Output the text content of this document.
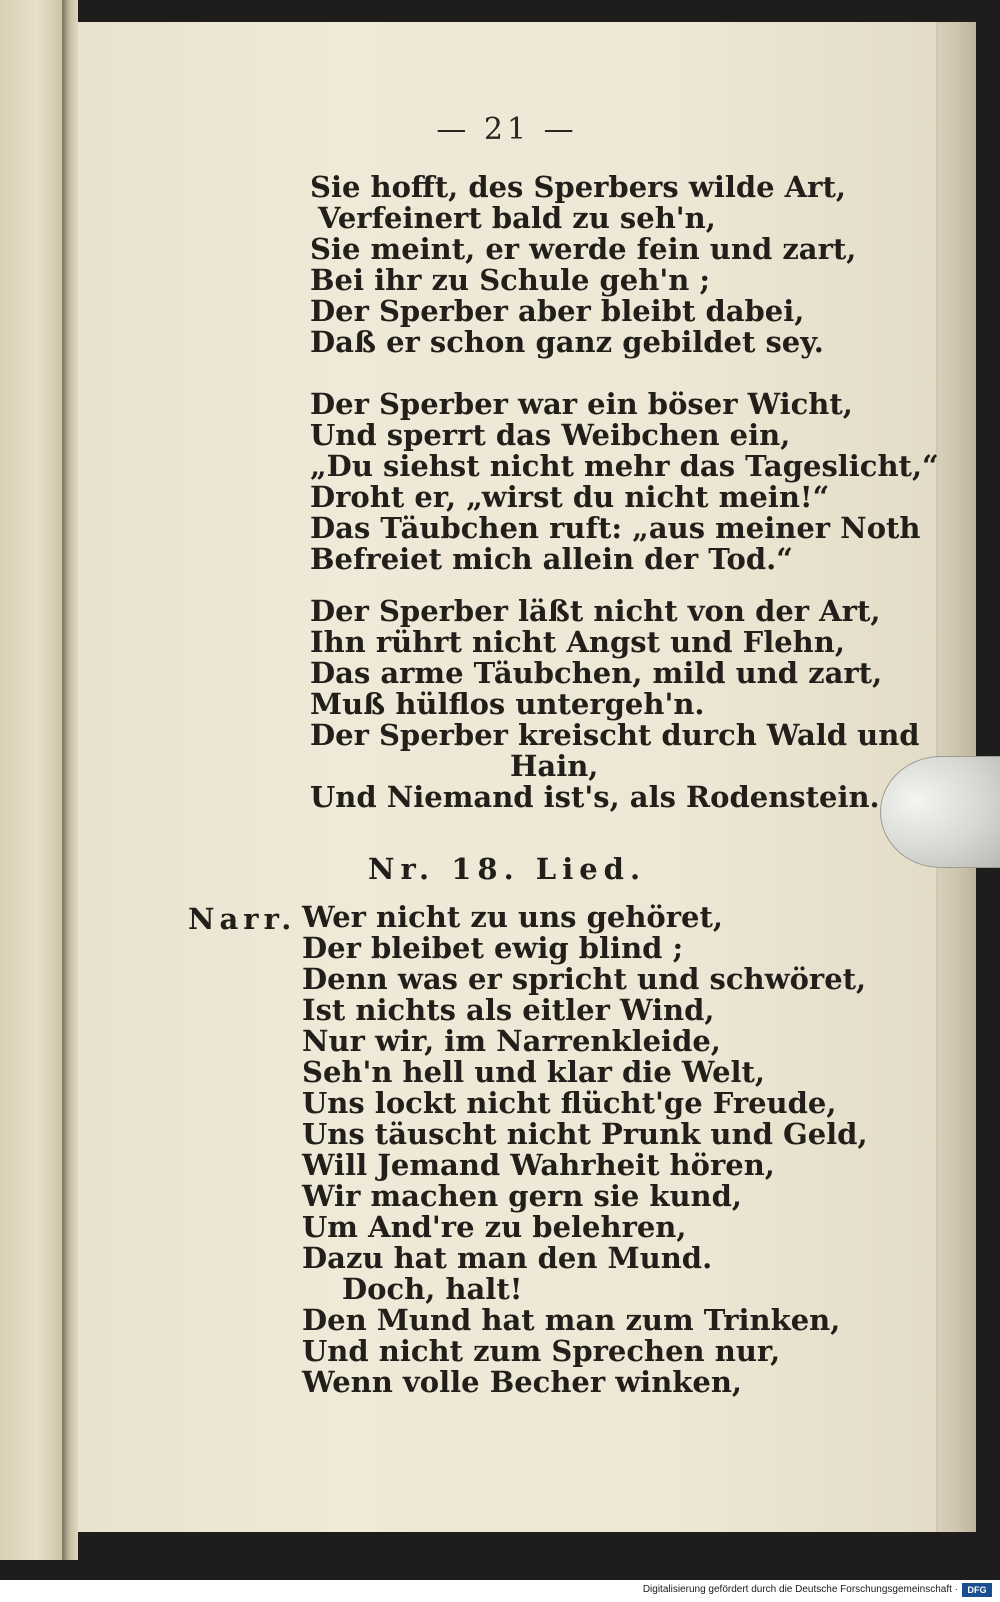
— 21 —
Sie hofft, des Sperbers wilde Art,
Verfeinert bald zu seh'n,
Sie meint, er werde fein und zart,
Bei ihr zu Schule geh'n ;
Der Sperber aber bleibt dabei,
Daß er schon ganz gebildet sey.
Der Sperber war ein böser Wicht,
Und sperrt das Weibchen ein,
„Du siehst nicht mehr das Tageslicht,“
Droht er, „wirst du nicht mein!“
Das Täubchen ruft: „aus meiner Noth
Befreiet mich allein der Tod.“
Der Sperber läßt nicht von der Art,
Ihn rührt nicht Angst und Flehn,
Das arme Täubchen, mild und zart,
Muß hülflos untergeh'n.
Der Sperber kreischt durch Wald und
Hain,
Und Niemand ist's, als Rodenstein.
Nr. 18. Lied.
Narr. Wer nicht zu uns gehöret,
Der bleibet ewig blind ;
Denn was er spricht und schwöret,
Ist nichts als eitler Wind,
Nur wir, im Narrenkleide,
Seh'n hell und klar die Welt,
Uns lockt nicht flücht'ge Freude,
Uns täuscht nicht Prunk und Geld,
Will Jemand Wahrheit hören,
Wir machen gern sie kund,
Um And're zu belehren,
Dazu hat man den Mund.
Doch, halt!
Den Mund hat man zum Trinken,
Und nicht zum Sprechen nur,
Wenn volle Becher winken,
Digitalisierung gefördert durch die Deutsche Forschungsgemeinschaft ·	DFG
